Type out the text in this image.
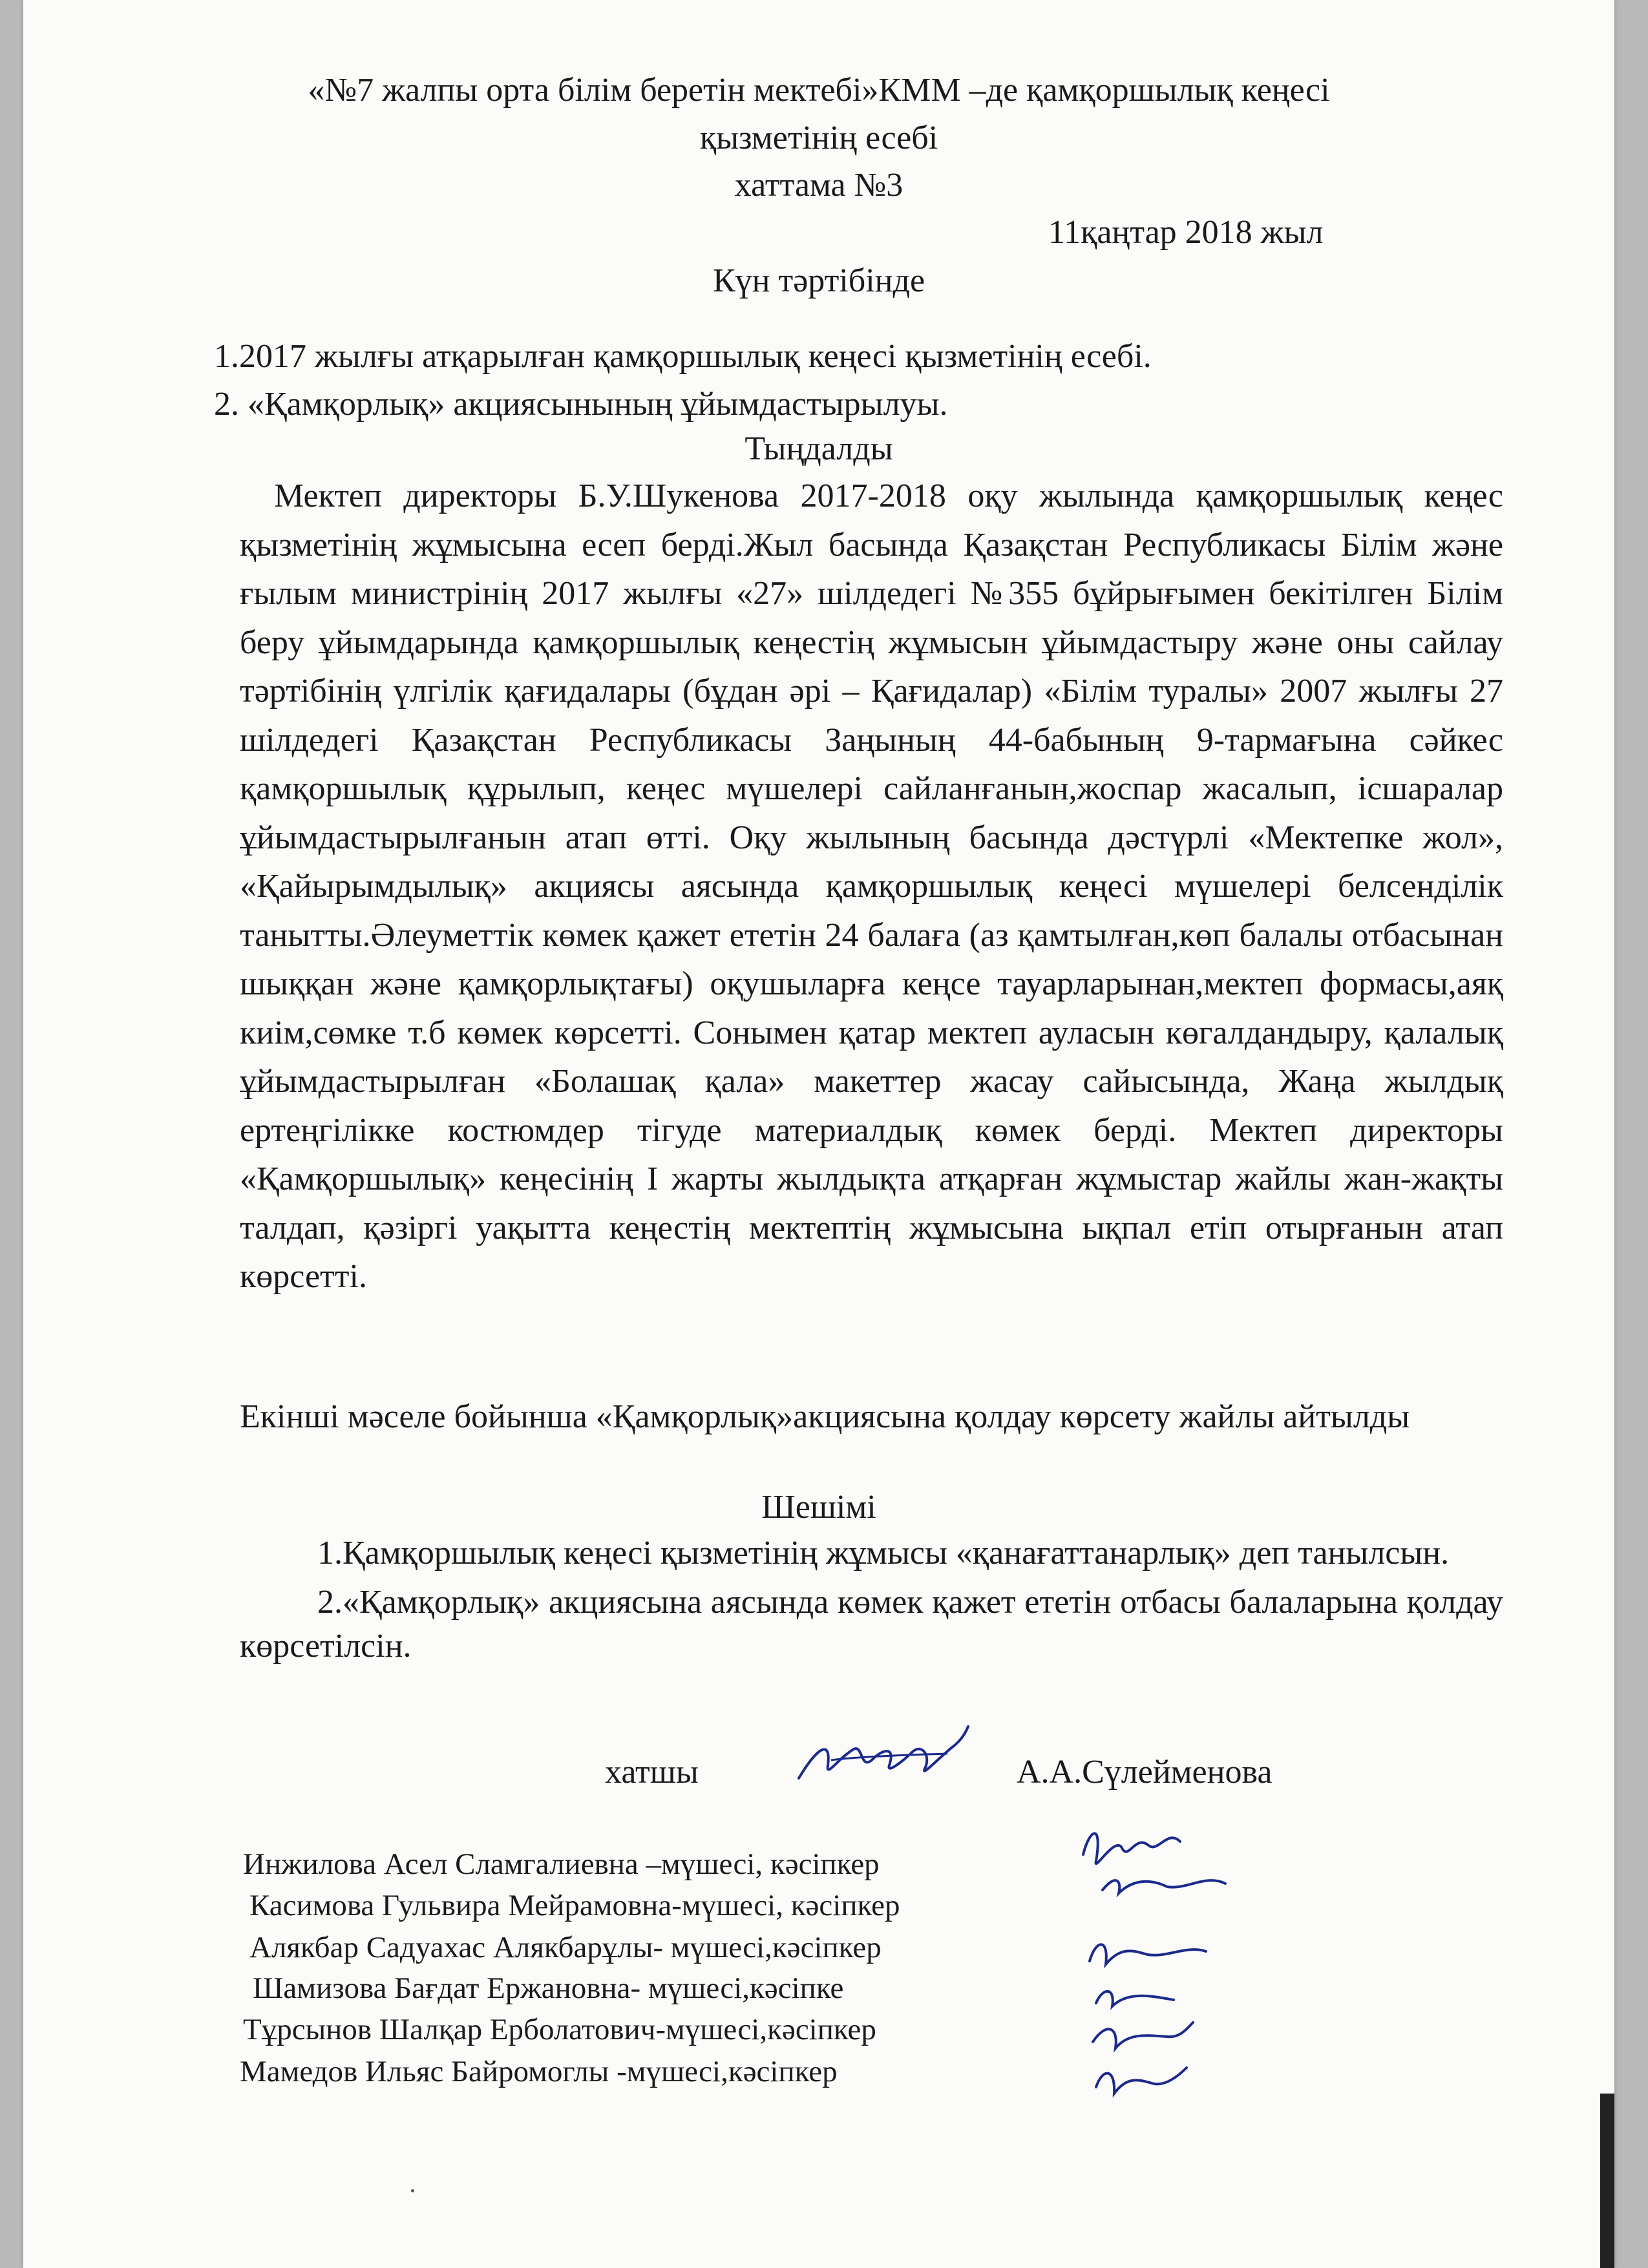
«№7 жалпы орта білім беретін мектебі»КММ –де қамқоршылық кеңесі
қызметінің есебі
хаттама №3
11қаңтар 2018 жыл
Күн тәртібінде
1.2017 жылғы атқарылған қамқоршылық кеңесі қызметінің есебі.
2. «Қамқорлық» акциясынының ұйымдастырылуы.
Тыңдалды

Мектеп директоры Б.У.Шукенова 2017-2018 оқу жылында қамқоршылық кеңес қызметінің жұмысына есеп берді.Жыл басында Қазақстан Республикасы Білім және ғылым министрінің 2017 жылғы «27» шілдедегі №355 бұйрығымен бекітілген Білім беру ұйымдарында қамқоршылық кеңестің жұмысын ұйымдастыру және оны сайлау тәртібінің үлгілік қағидалары (бұдан әрі – Қағидалар) «Білім туралы» 2007 жылғы 27 шілдедегі Қазақстан Республикасы Заңының 44-бабының 9-тармағына сәйкес қамқоршылық құрылып, кеңес мүшелері сайланғанын,жоспар жасалып, ісшаралар ұйымдастырылғанын атап өтті. Оқу жылының басында дәстүрлі «Мектепке жол», «Қайырымдылық» акциясы аясында қамқоршылық кеңесі мүшелері белсенділік танытты.Әлеуметтік көмек қажет ететін 24 балаға (аз қамтылған,көп балалы отбасынан шыққан және қамқорлықтағы) оқушыларға кеңсе тауарларынан,мектеп формасы,аяқ киім,сөмке т.б көмек көрсетті. Сонымен қатар мектеп ауласын көгалдандыру, қалалық ұйымдастырылған «Болашақ қала» макеттер жасау сайысында, Жаңа жылдық ертеңгілікке костюмдер тігуде материалдық көмек берді. Мектеп директоры «Қамқоршылық» кеңесінің І жарты жылдықта атқарған жұмыстар жайлы жан-жақты талдап, қәзіргі уақытта кеңестің мектептің жұмысына ықпал етіп отырғанын атап көрсетті.

Екінші мәселе бойынша «Қамқорлық»акциясына қолдау көрсету жайлы айтылды

Шешімі

1.Қамқоршылық кеңесі қызметінің жұмысы «қанағаттанарлық» деп танылсын.

2.«Қамқорлық» акциясына аясында көмек қажет ететін отбасы балаларына қолдау көрсетілсін.

хатшы	А.А.Сүлейменова
Инжилова Асел Сламгалиевна –мүшесі, кәсіпкер
Касимова Гульвира Мейрамовна-мүшесі, кәсіпкер
Алякбар Садуахас Алякбарұлы- мүшесі,кәсіпкер
Шамизова Бағдат Ержановна- мүшесі,кәсіпке
Тұрсынов Шалқар Ерболатович-мүшесі,кәсіпкер
Мамедов Ильяс Байромоглы -мүшесі,кәсіпкер
